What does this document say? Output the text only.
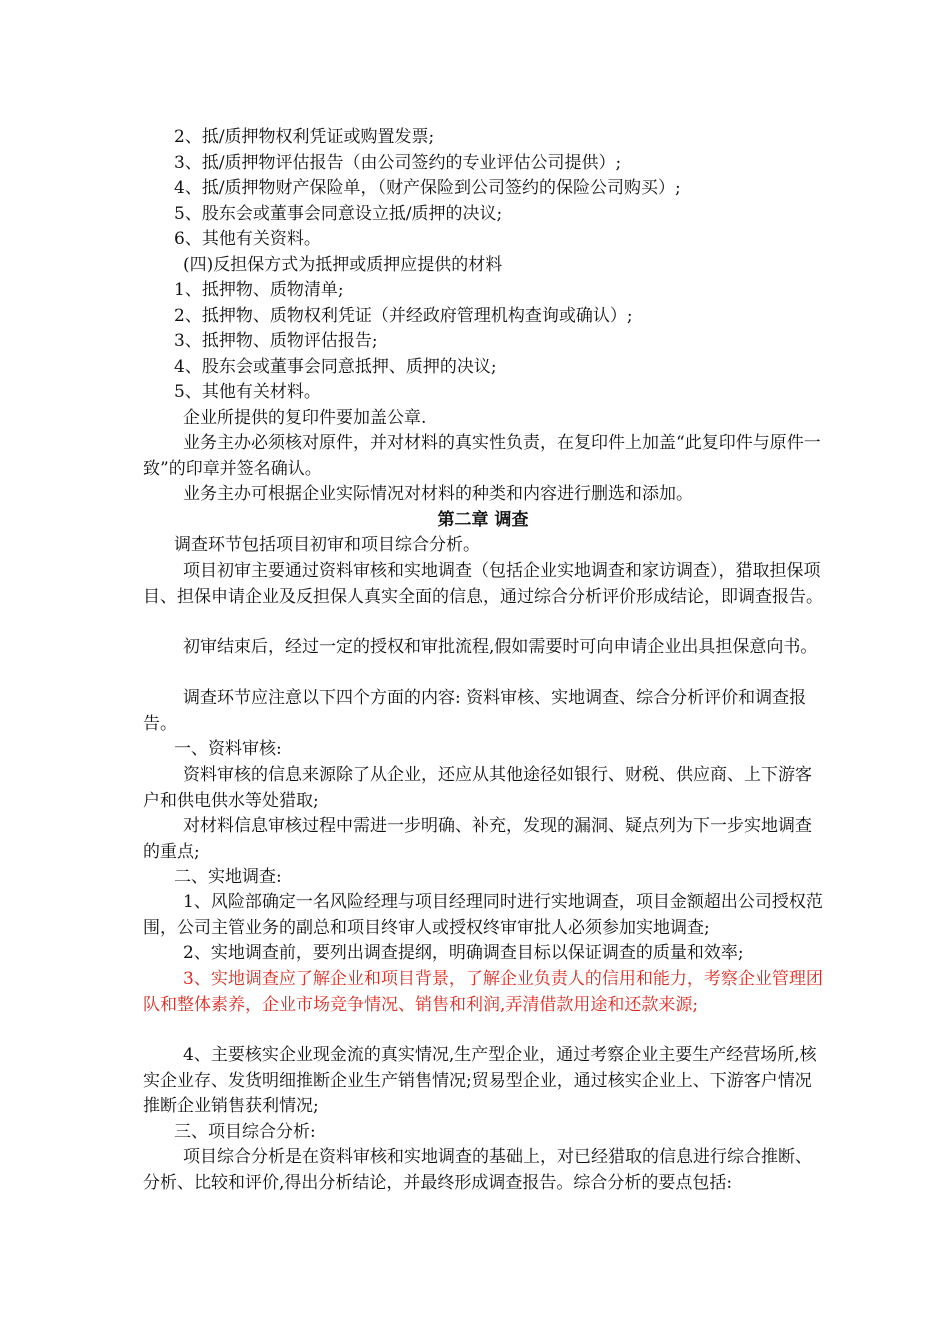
2、抵/质押物权利凭证或购置发票;

3、抵/质押物评估报告（由公司签约的专业评估公司提供）;

4、抵/质押物财产保险单，（财产保险到公司签约的保险公司购买）;

5、股东会或董事会同意设立抵/质押的决议;

6、其他有关资料。

(四)反担保方式为抵押或质押应提供的材料

1、抵押物、质物清单;

2、抵押物、质物权利凭证（并经政府管理机构查询或确认）;

3、抵押物、质物评估报告;

4、股东会或董事会同意抵押、质押的决议;

5、其他有关材料。

企业所提供的复印件要加盖公章.

业务主办必须核对原件，并对材料的真实性负责，在复印件上加盖“此复印件与原件一致”的印章并签名确认。

业务主办可根据企业实际情况对材料的种类和内容进行删选和添加。

第二章 调查

调查环节包括项目初审和项目综合分析。

项目初审主要通过资料审核和实地调查（包括企业实地调查和家访调查），猎取担保项目、担保申请企业及反担保人真实全面的信息，通过综合分析评价形成结论，即调查报告。

初审结束后，经过一定的授权和审批流程,假如需要时可向申请企业出具担保意向书。

调查环节应注意以下四个方面的内容: 资料审核、实地调查、综合分析评价和调查报告。

一、资料审核:

资料审核的信息来源除了从企业，还应从其他途径如银行、财税、供应商、上下游客户和供电供水等处猎取;

对材料信息审核过程中需进一步明确、补充，发现的漏洞、疑点列为下一步实地调查的重点;

二、实地调查:

1、风险部确定一名风险经理与项目经理同时进行实地调查，项目金额超出公司授权范围，公司主管业务的副总和项目终审人或授权终审审批人必须参加实地调查;

2、实地调查前，要列出调查提纲，明确调查目标以保证调查的质量和效率;

3、实地调查应了解企业和项目背景，了解企业负责人的信用和能力，考察企业管理团队和整体素养，企业市场竞争情况、销售和利润,弄清借款用途和还款来源;

4、主要核实企业现金流的真实情况,生产型企业，通过考察企业主要生产经营场所,核实企业存、发货明细推断企业生产销售情况;贸易型企业，通过核实企业上、下游客户情况推断企业销售获利情况;

三、项目综合分析:

项目综合分析是在资料审核和实地调查的基础上，对已经猎取的信息进行综合推断、分析、比较和评价,得出分析结论，并最终形成调查报告。综合分析的要点包括:
